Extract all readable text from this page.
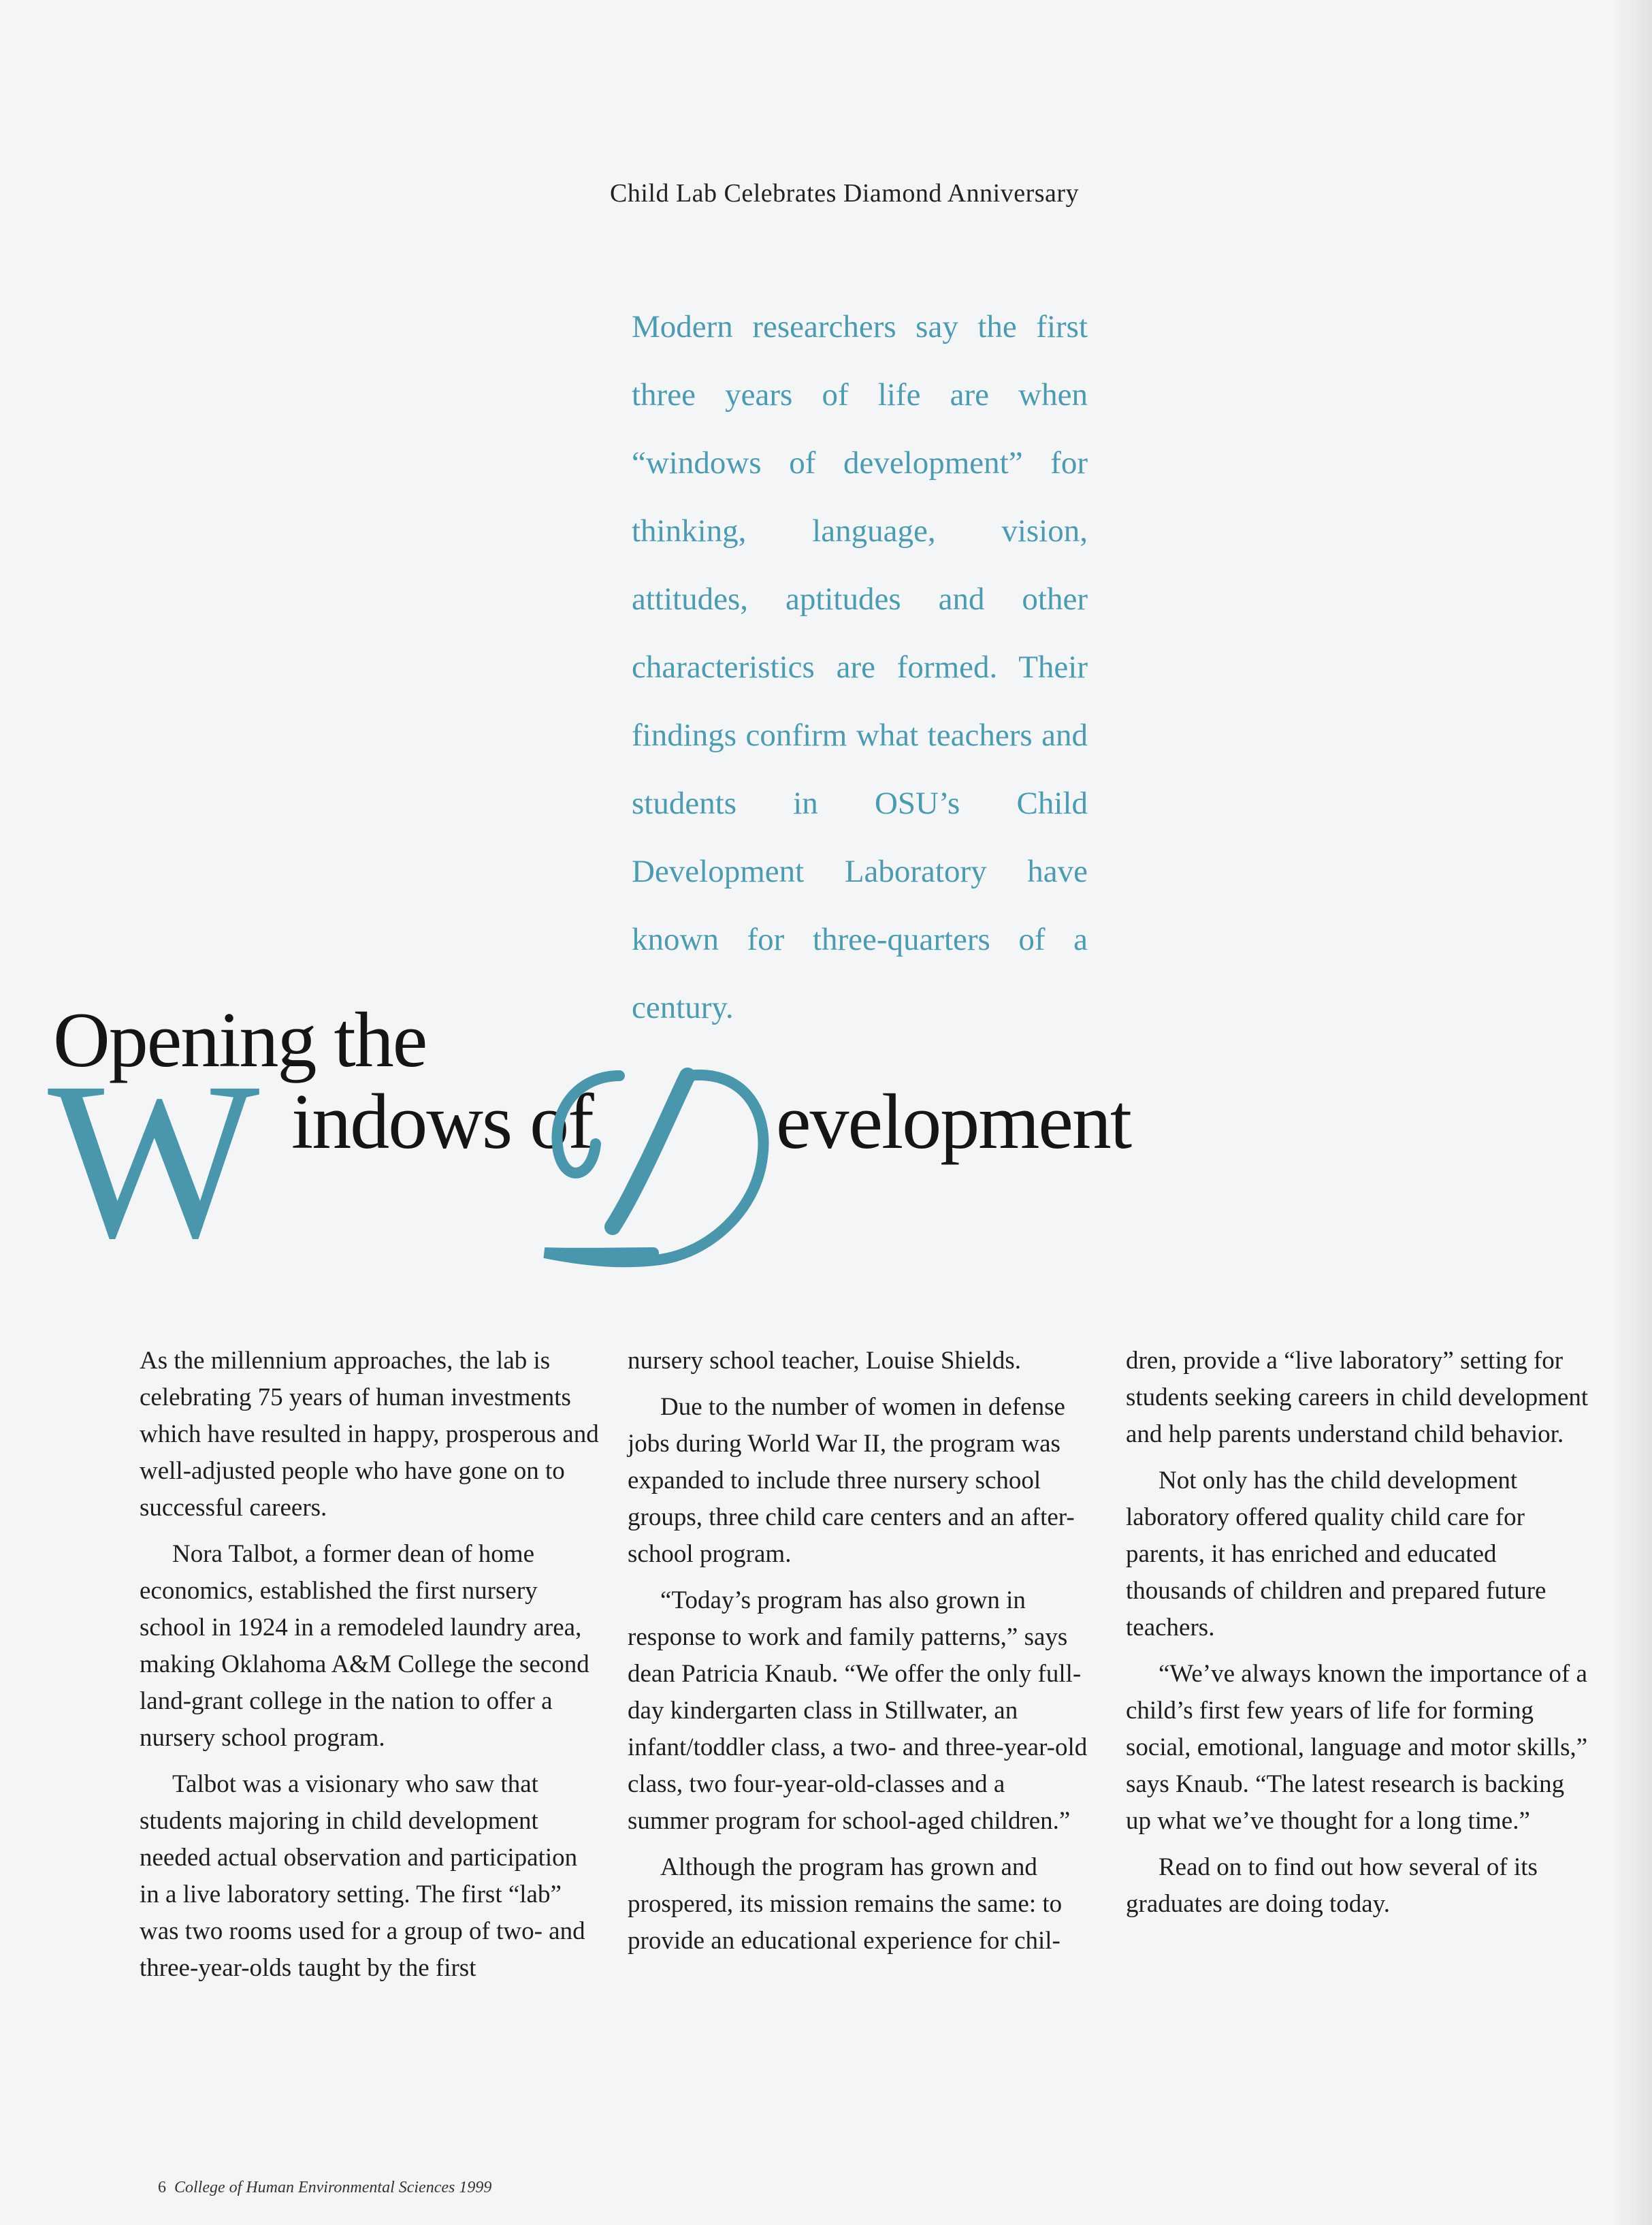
Child Lab Celebrates Diamond Anniversary
Modern researchers say the first three years of life are when “windows of development” for thinking, language, vision, attitudes, aptitudes and other characteristics are formed. Their findings confirm what teachers and students in OSU’s Child Development Laboratory have known for three-quarters of a century.
Opening the
W indows of evelopment

As the millennium approaches, the lab is celebrating 75 years of human investments which have resulted in happy, prosperous and well-adjusted people who have gone on to successful careers.

Nora Talbot, a former dean of home economics, established the first nursery school in 1924 in a remodeled laundry area, making Oklahoma A&M College the second land-grant college in the nation to offer a nursery school program.

Talbot was a visionary who saw that students majoring in child development needed actual observation and participation in a live laboratory setting. The first “lab” was two rooms used for a group of two- and three-year-olds taught by the first

nursery school teacher, Louise Shields.

Due to the number of women in defense jobs during World War II, the program was expanded to include three nursery school groups, three child care centers and an after-school program.

“Today’s program has also grown in response to work and family patterns,” says dean Patricia Knaub. “We offer the only full-day kindergarten class in Stillwater, an infant/toddler class, a two- and three-year-old class, two four-year-old-classes and a summer program for school-aged children.”

Although the program has grown and prospered, its mission remains the same: to provide an educational experience for chil-

dren, provide a “live laboratory” setting for students seeking careers in child development and help parents understand child behavior.

Not only has the child development laboratory offered quality child care for parents, it has enriched and educated thousands of children and prepared future teachers.

“We’ve always known the importance of a child’s first few years of life for forming social, emotional, language and motor skills,” says Knaub. “The latest research is backing up what we’ve thought for a long time.”

Read on to find out how several of its graduates are doing today.

6 College of Human Environmental Sciences 1999
